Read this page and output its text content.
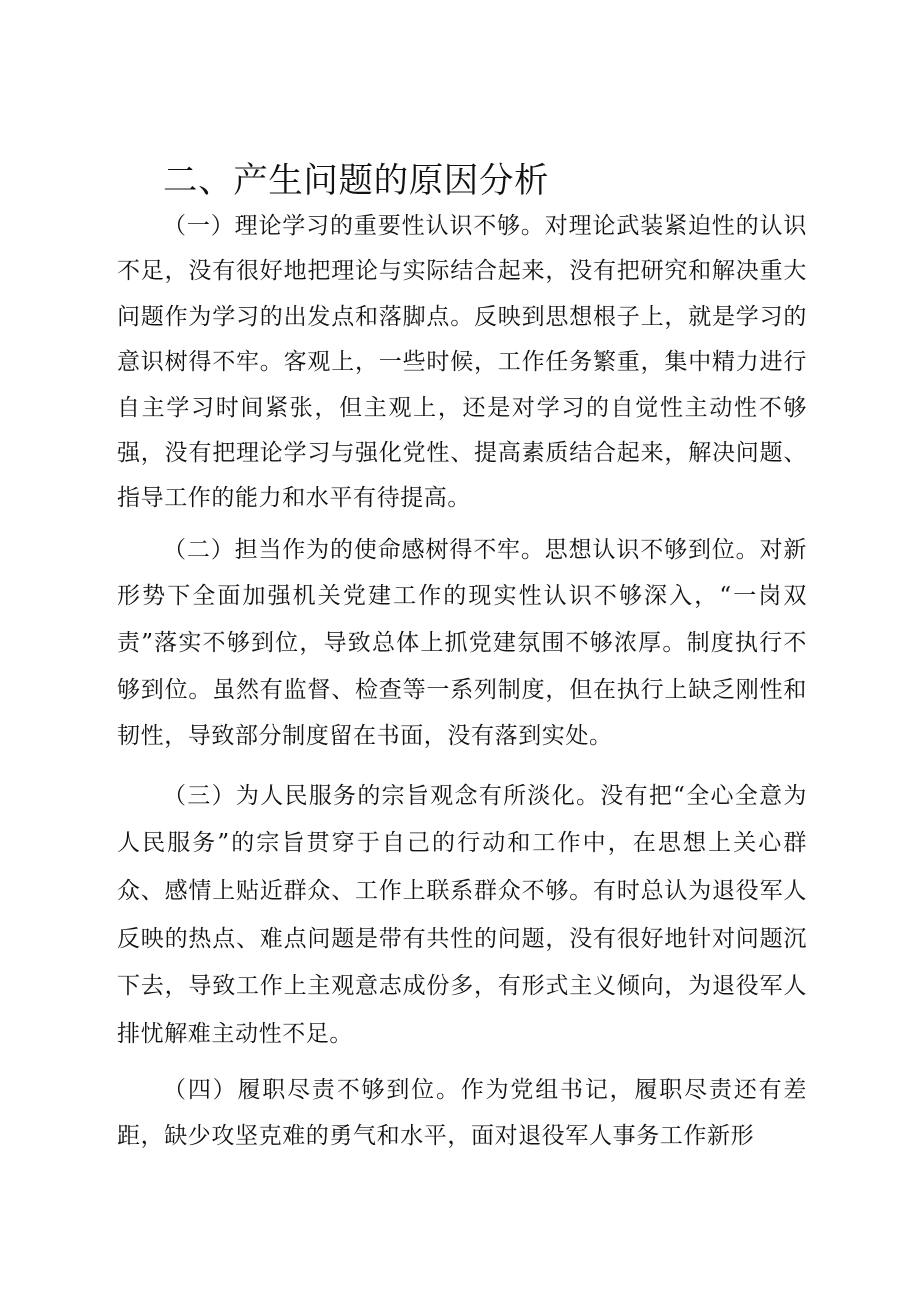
二、产生问题的原因分析

（一）理论学习的重要性认识不够。对理论武装紧迫性的认识不足，没有很好地把理论与实际结合起来，没有把研究和解决重大问题作为学习的出发点和落脚点。反映到思想根子上，就是学习的意识树得不牢。客观上，一些时候，工作任务繁重，集中精力进行自主学习时间紧张，但主观上，还是对学习的自觉性主动性不够强，没有把理论学习与强化党性、提高素质结合起来，解决问题、指导工作的能力和水平有待提高。

（二）担当作为的使命感树得不牢。思想认识不够到位。对新形势下全面加强机关党建工作的现实性认识不够深入，“一岗双责”落实不够到位，导致总体上抓党建氛围不够浓厚。制度执行不够到位。虽然有监督、检查等一系列制度，但在执行上缺乏刚性和韧性，导致部分制度留在书面，没有落到实处。

（三）为人民服务的宗旨观念有所淡化。没有把“全心全意为人民服务”的宗旨贯穿于自己的行动和工作中，在思想上关心群众、感情上贴近群众、工作上联系群众不够。有时总认为退役军人反映的热点、难点问题是带有共性的问题，没有很好地针对问题沉下去，导致工作上主观意志成份多，有形式主义倾向，为退役军人排忧解难主动性不足。

（四）履职尽责不够到位。作为党组书记，履职尽责还有差距，缺少攻坚克难的勇气和水平，面对退役军人事务工作新形
